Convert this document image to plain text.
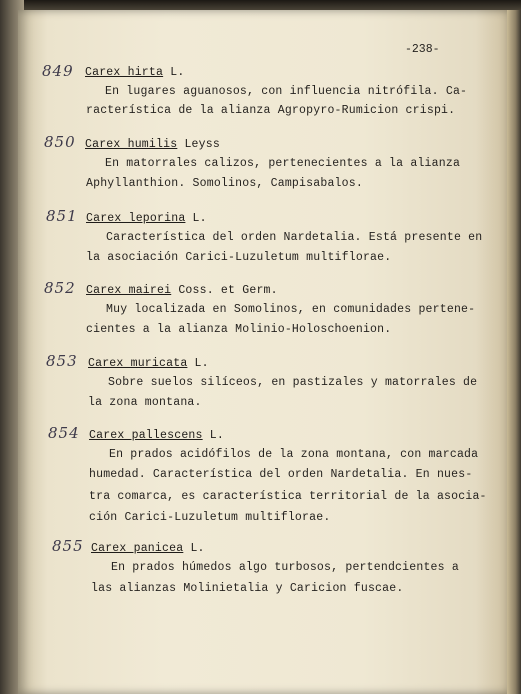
-238-
849 Carex hirta L.
En lugares aguanosos, con influencia nitrófila. Ca-
racterística de la alianza Agropyro-Rumicion crispi.
850 Carex humilis Leyss
En matorrales calizos, pertenecientes a la alianza
Aphyllanthion. Somolinos, Campisabalos.
851 Carex leporina L.
Característica del orden Nardetalia. Está presente en
la asociación Carici-Luzuletum multiflorae.
852 Carex mairei Coss. et Germ.
Muy localizada en Somolinos, en comunidades pertene-
cientes a la alianza Molinio-Holoschoenion.
853 Carex muricata L.
Sobre suelos silíceos, en pastizales y matorrales de
la zona montana.
854 Carex pallescens L.
En prados acidófilos de la zona montana, con marcada
humedad. Característica del orden Nardetalia. En nues-
tra comarca, es característica territorial de la asocia-
ción Carici-Luzuletum multiflorae.
855 Carex panicea L.
En prados húmedos algo turbosos, pertendcientes a
las alianzas Molinietalia y Caricion fuscae.
